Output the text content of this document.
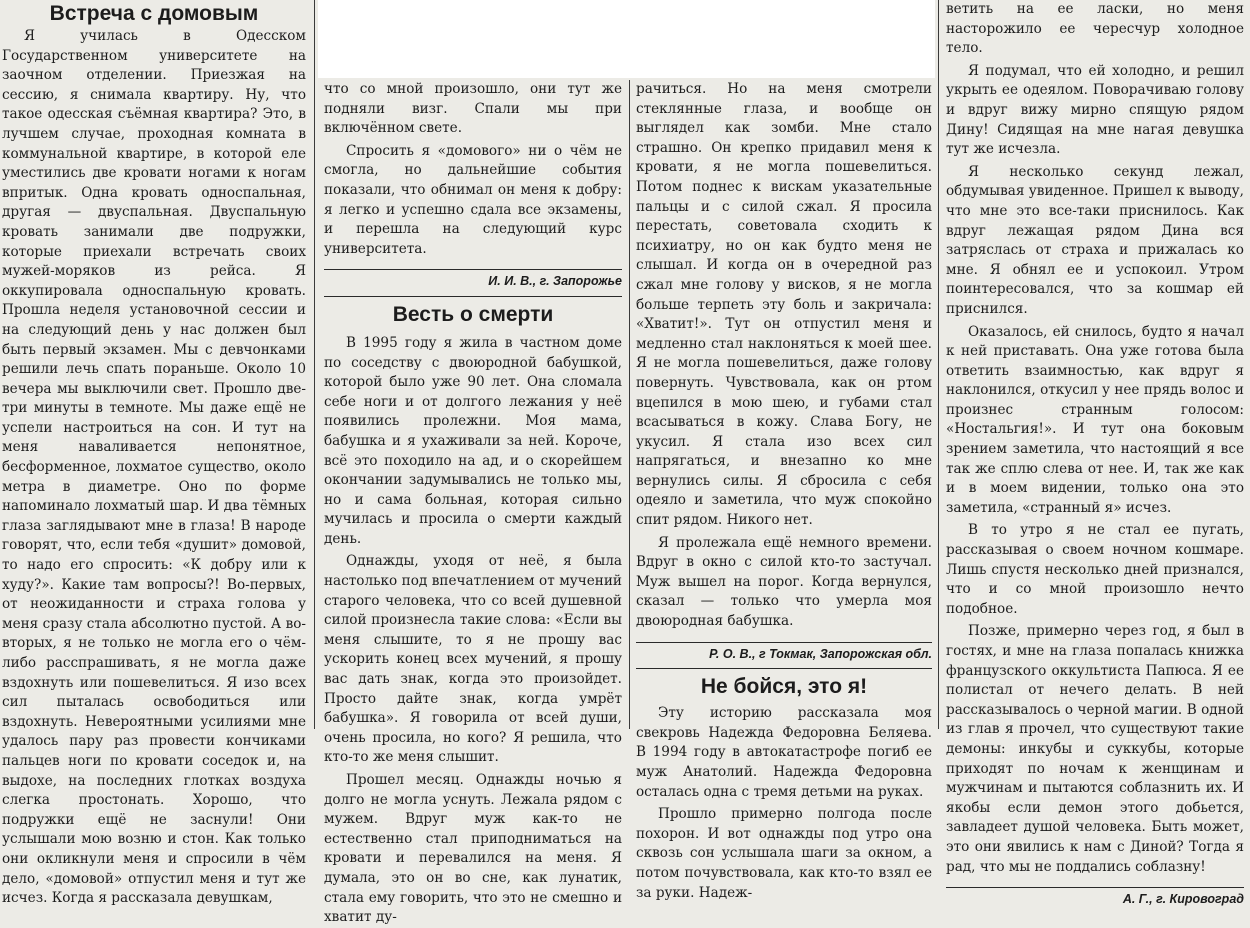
Встреча с домовым

Я училась в Одесском Государственном университете на заочном отделении. Приезжая на сессию, я снимала квартиру. Ну, что такое одесская съёмная квартира? Это, в лучшем случае, проходная комната в коммунальной квартире, в которой еле уместились две кровати ногами к ногам впритык. Одна кровать односпальная, другая — двуспальная. Двуспальную кровать занимали две подружки, которые приехали встречать своих мужей-моряков из рейса. Я оккупировала односпальную кровать. Прошла неделя установочной сессии и на следующий день у нас должен был быть первый экзамен. Мы с девчонками решили лечь спать пораньше. Около 10 вечера мы выключили свет. Прошло две-три минуты в темноте. Мы даже ещё не успели настроиться на сон. И тут на меня наваливается непонятное, бесформенное, лохматое существо, около метра в диаметре. Оно по форме напоминало лохматый шар. И два тёмных глаза заглядывают мне в глаза! В народе говорят, что, если тебя «душит» домовой, то надо его спросить: «К добру или к худу?». Какие там вопросы?! Во-первых, от неожиданности и страха голова у меня сразу стала абсолютно пустой. А во-вторых, я не только не могла его о чём-либо расспрашивать, я не могла даже вздохнуть или пошевелиться. Я изо всех сил пыталась освободиться или вздохнуть. Невероятными усилиями мне удалось пару раз провести кончиками пальцев ноги по кровати соседок и, на выдохе, на последних глотках воздуха слегка простонать. Хорошо, что подружки ещё не заснули! Они услышали мою возню и стон. Как только они окликнули меня и спросили в чём дело, «домовой» отпустил меня и тут же исчез. Когда я рассказала девушкам,

что со мной произошло, они тут же подняли визг. Спали мы при включённом свете.

Спросить я «домового» ни о чём не смогла, но дальнейшие события показали, что обнимал он меня к добру: я легко и успешно сдала все экзамены, и перешла на следующий курс университета.

И. И. В., г. Запорожье

Весть о смерти

В 1995 году я жила в частном доме по соседству с двоюродной бабушкой, которой было уже 90 лет. Она сломала себе ноги и от долгого лежания у неё появились пролежни. Моя мама, бабушка и я ухаживали за ней. Короче, всё это походило на ад, и о скорейшем окончании задумывались не только мы, но и сама больная, которая сильно мучилась и просила о смерти каждый день.

Однажды, уходя от неё, я была настолько под впечатлением от мучений старого человека, что со всей душевной силой произнесла такие слова: «Если вы меня слышите, то я не прошу вас ускорить конец всех мучений, я прошу вас дать знак, когда это произойдет. Просто дайте знак, когда умрёт бабушка». Я говорила от всей души, очень просила, но кого? Я решила, что кто-то же меня слышит.

Прошел месяц. Однажды ночью я долго не могла уснуть. Лежала рядом с мужем. Вдруг муж как-то не естественно стал приподниматься на кровати и перевалился на меня. Я думала, это он во сне, как лунатик, стала ему говорить, что это не смешно и хватит ду-

рачиться. Но на меня смотрели стеклянные глаза, и вообще он выглядел как зомби. Мне стало страшно. Он крепко придавил меня к кровати, я не могла пошевелиться. Потом поднес к вискам указательные пальцы и с силой сжал. Я просила перестать, советовала сходить к психиатру, но он как будто меня не слышал. И когда он в очередной раз сжал мне голову у висков, я не могла больше терпеть эту боль и закричала: «Хватит!». Тут он отпустил меня и медленно стал наклоняться к моей шее. Я не могла пошевелиться, даже голову повернуть. Чувствовала, как он ртом вцепился в мою шею, и губами стал всасываться в кожу. Слава Богу, не укусил. Я стала изо всех сил напрягаться, и внезапно ко мне вернулись силы. Я сбросила с себя одеяло и заметила, что муж спокойно спит рядом. Никого нет.

Я пролежала ещё немного времени. Вдруг в окно с силой кто-то застучал. Муж вышел на порог. Когда вернулся, сказал — только что умерла моя двоюродная бабушка.

Р. О. В., г Токмак, Запорожская обл.

Не бойся, это я!

Эту историю рассказала моя свекровь Надежда Федоровна Беляева. В 1994 году в автокатастрофе погиб ее муж Анатолий. Надежда Федоровна осталась одна с тремя детьми на руках.

Прошло примерно полгода после похорон. И вот однажды под утро она сквозь сон услышала шаги за окном, а потом почувствовала, как кто-то взял ее за руки. Надеж-

ветить на ее ласки, но меня насторожило ее чересчур холодное тело.

Я подумал, что ей холодно, и решил укрыть ее одеялом. Поворачиваю голову и вдруг вижу мирно спящую рядом Дину! Сидящая на мне нагая девушка тут же исчезла.

Я несколько секунд лежал, обдумывая увиденное. Пришел к выводу, что мне это все-таки приснилось. Как вдруг лежащая рядом Дина вся затряслась от страха и прижалась ко мне. Я обнял ее и успокоил. Утром поинтересовался, что за кошмар ей приснился.

Оказалось, ей снилось, будто я начал к ней приставать. Она уже готова была ответить взаимностью, как вдруг я наклонился, откусил у нее прядь волос и произнес странным голосом: «Ностальгия!». И тут она боковым зрением заметила, что настоящий я все так же сплю слева от нее. И, так же как и в моем видении, только она это заметила, «странный я» исчез.

В то утро я не стал ее пугать, рассказывая о своем ночном кошмаре. Лишь спустя несколько дней признался, что и со мной произошло нечто подобное.

Позже, примерно через год, я был в гостях, и мне на глаза попалась книжка французского оккультиста Папюса. Я ее полистал от нечего делать. В ней рассказывалось о черной магии. В одной из глав я прочел, что существуют такие демоны: инкубы и суккубы, которые приходят по ночам к женщинам и мужчинам и пытаются соблазнить их. И якобы если демон этого добьется, завладеет душой человека. Быть может, это они явились к нам с Диной? Тогда я рад, что мы не поддались соблазну!

А. Г., г. Кировоград
